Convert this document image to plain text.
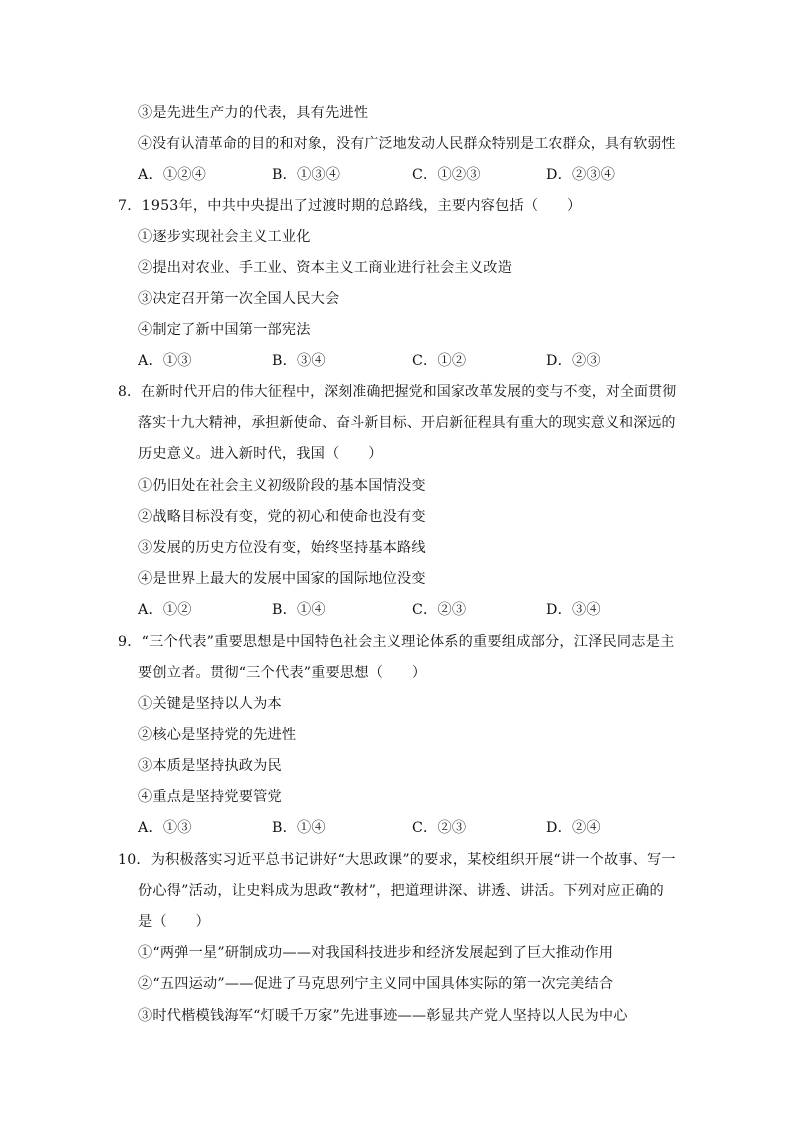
③是先进生产力的代表，具有先进性
④没有认清革命的目的和对象，没有广泛地发动人民群众特别是工农群众，具有软弱性
A．①②④	B．①③④	C．①②③	D．②③④
7．1953年，中共中央提出了过渡时期的总路线，主要内容包括（　　）
①逐步实现社会主义工业化
②提出对农业、手工业、资本主义工商业进行社会主义改造
③决定召开第一次全国人民大会
④制定了新中国第一部宪法
A．①③	B．③④	C．①②	D．②③
8．在新时代开启的伟大征程中，深刻准确把握党和国家改革发展的变与不变，对全面贯彻
落实十九大精神，承担新使命、奋斗新目标、开启新征程具有重大的现实意义和深远的
历史意义。进入新时代，我国（　　）
①仍旧处在社会主义初级阶段的基本国情没变
②战略目标没有变，党的初心和使命也没有变
③发展的历史方位没有变，始终坚持基本路线
④是世界上最大的发展中国家的国际地位没变
A．①②	B．①④	C．②③	D．③④
9．“三个代表”重要思想是中国特色社会主义理论体系的重要组成部分，江泽民同志是主
要创立者。贯彻“三个代表”重要思想（　　）
①关键是坚持以人为本
②核心是坚持党的先进性
③本质是坚持执政为民
④重点是坚持党要管党
A．①③	B．①④	C．②③	D．②④
10．为积极落实习近平总书记讲好“大思政课”的要求，某校组织开展“讲一个故事、写一
份心得”活动，让史料成为思政“教材”，把道理讲深、讲透、讲活。下列对应正确的
是（　　）
①“两弹一星”研制成功——对我国科技进步和经济发展起到了巨大推动作用
②“五四运动”——促进了马克思列宁主义同中国具体实际的第一次完美结合
③时代楷模钱海军“灯暖千万家”先进事迹——彰显共产党人坚持以人民为中心
